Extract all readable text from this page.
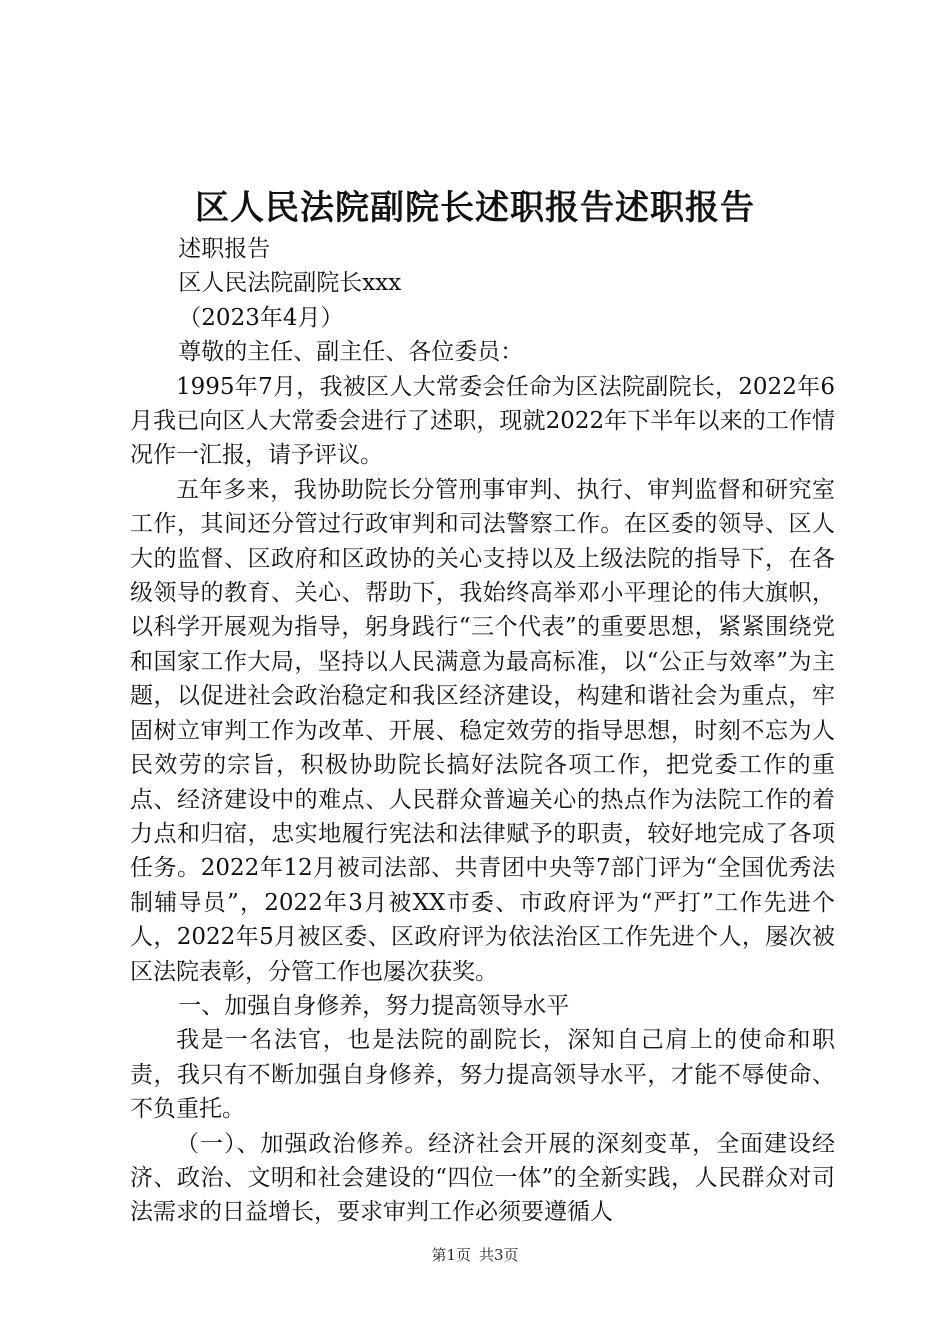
区人民法院副院长述职报告述职报告

述职报告

区人民法院副院长xxx

（2023年4月）

尊敬的主任、副主任、各位委员：

1995年7月，我被区人大常委会任命为区法院副院长，2022年6月我已向区人大常委会进行了述职，现就2022年下半年以来的工作情况作一汇报，请予评议。

五年多来，我协助院长分管刑事审判、执行、审判监督和研究室工作，其间还分管过行政审判和司法警察工作。在区委的领导、区人大的监督、区政府和区政协的关心支持以及上级法院的指导下，在各级领导的教育、关心、帮助下，我始终高举邓小平理论的伟大旗帜，以科学开展观为指导，躬身践行“三个代表”的重要思想，紧紧围绕党和国家工作大局，坚持以人民满意为最高标准，以“公正与效率”为主题，以促进社会政治稳定和我区经济建设，构建和谐社会为重点，牢固树立审判工作为改革、开展、稳定效劳的指导思想，时刻不忘为人民效劳的宗旨，积极协助院长搞好法院各项工作，把党委工作的重点、经济建设中的难点、人民群众普遍关心的热点作为法院工作的着力点和归宿，忠实地履行宪法和法律赋予的职责，较好地完成了各项任务。2022年12月被司法部、共青团中央等7部门评为“全国优秀法制辅导员”，2022年3月被XX市委、市政府评为“严打”工作先进个人，2022年5月被区委、区政府评为依法治区工作先进个人，屡次被区法院表彰，分管工作也屡次获奖。

一、加强自身修养，努力提高领导水平

我是一名法官，也是法院的副院长，深知自己肩上的使命和职责，我只有不断加强自身修养，努力提高领导水平，才能不辱使命、不负重托。

（一）、加强政治修养。经济社会开展的深刻变革，全面建设经济、政治、文明和社会建设的“四位一体”的全新实践，人民群众对司法需求的日益增长，要求审判工作必须要遵循人

第1页 共3页
